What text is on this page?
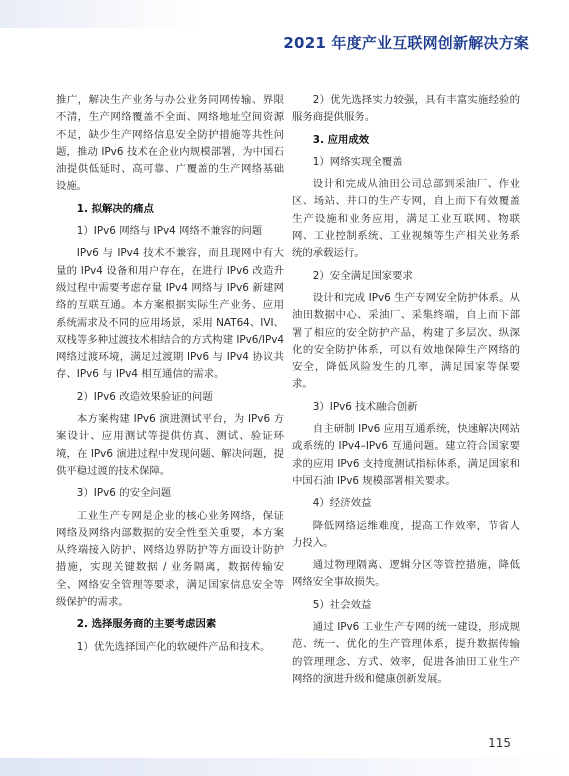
2021 年度产业互联网创新解决方案

推广，解决生产业务与办公业务同网传输、界限不清，生产网络覆盖不全面、网络地址空间资源不足，缺少生产网络信息安全防护措施等共性问题，推动 IPv6 技术在企业内规模部署，为中国石油提供低延时、高可靠、广覆盖的生产网络基础设施。

1. 拟解决的痛点

1）IPv6 网络与 IPv4 网络不兼容的问题

IPv6 与 IPv4 技术不兼容，而且现网中有大量的 IPv4 设备和用户存在，在进行 IPv6 改造升级过程中需要考虑存量 IPv4 网络与 IPv6 新建网络的互联互通。本方案根据实际生产业务、应用系统需求及不同的应用场景，采用 NAT64、IVI、双栈等多种过渡技术相结合的方式构建 IPv6/IPv4 网络过渡环境，满足过渡期 IPv6 与 IPv4 协议共存、IPv6 与 IPv4 相互通信的需求。

2）IPv6 改造效果验证的问题

本方案构建 IPv6 演进测试平台，为 IPv6 方案设计、应用测试等提供仿真、测试、验证环境，在 IPv6 演进过程中发现问题、解决问题，提供平稳过渡的技术保障。

3）IPv6 的安全问题

工业生产专网是企业的核心业务网络，保证网络及网络内部数据的安全性至关重要，本方案从终端接入防护、网络边界防护等方面设计防护措施，实现关键数据 / 业务隔离，数据传输安全、网络安全管理等要求，满足国家信息安全等级保护的需求。

2. 选择服务商的主要考虑因素

1）优先选择国产化的软硬件产品和技术。

2）优先选择实力较强，具有丰富实施经验的服务商提供服务。

3. 应用成效

1）网络实现全覆盖

设计和完成从油田公司总部到采油厂、作业区、场站、井口的生产专网，自上而下有效覆盖生产设施和业务应用，满足工业互联网、物联网、工业控制系统、工业视频等生产相关业务系统的承载运行。

2）安全满足国家要求

设计和完成 IPv6 生产专网安全防护体系。从油田数据中心、采油厂、采集终端，自上而下部署了相应的安全防护产品，构建了多层次、纵深化的安全防护体系，可以有效地保障生产网络的安全，降低风险发生的几率，满足国家等保要求。

3）IPv6 技术融合创新

自主研制 IPv6 应用互通系统，快速解决网站或系统的 IPv4–IPv6 互通问题。建立符合国家要求的应用 IPv6 支持度测试指标体系，满足国家和中国石油 IPv6 规模部署相关要求。

4）经济效益

降低网络运维难度，提高工作效率，节省人力投入。

通过物理隔离、逻辑分区等管控措施，降低网络安全事故损失。

5）社会效益

通过 IPv6 工业生产专网的统一建设，形成规范、统一、优化的生产管理体系，提升数据传输的管理理念、方式、效率，促进各油田工业生产网络的演进升级和健康创新发展。

115
